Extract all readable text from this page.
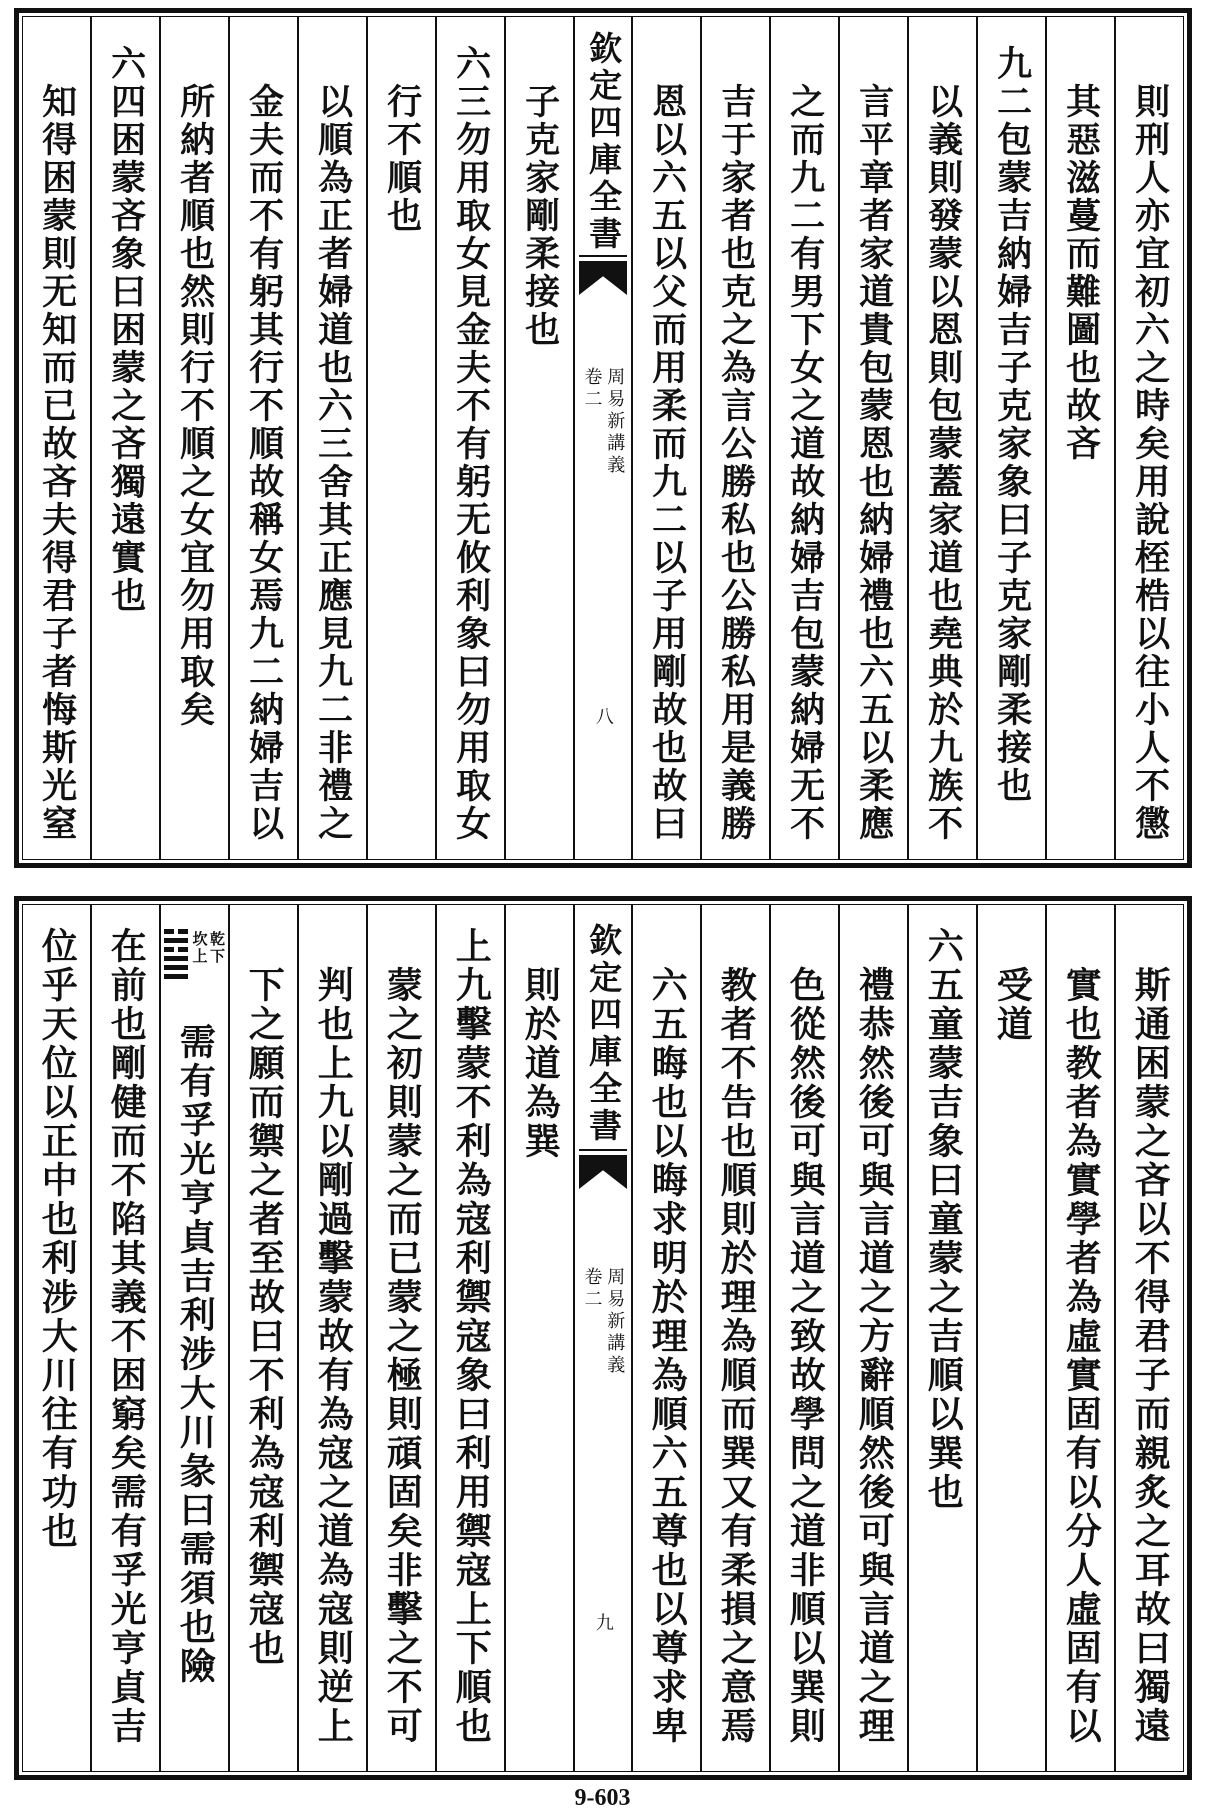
則刑人亦宜初六之時矣用說桎梏以往小人不懲
其惡滋蔓而難圖也故吝
九二包蒙吉納婦吉子克家象曰子克家剛柔接也
以義則發蒙以恩則包蒙蓋家道也堯典於九族不
言平章者家道貴包蒙恩也納婦禮也六五以柔應
之而九二有男下女之道故納婦吉包蒙納婦无不
吉于家者也克之為言公勝私也公勝私用是義勝
恩以六五以父而用柔而九二以子用剛故也故曰
欽定四庫全書
周易新講義
卷二
八
子克家剛柔接也
六三勿用取女見金夫不有躬无攸利象曰勿用取女
行不順也
以順為正者婦道也六三舍其正應見九二非禮之
金夫而不有躬其行不順故稱女焉九二納婦吉以
所納者順也然則行不順之女宜勿用取矣
六四困蒙吝象曰困蒙之吝獨遠實也
知得困蒙則无知而已故吝夫得君子者悔斯光窒
斯通困蒙之吝以不得君子而親炙之耳故曰獨遠
實也教者為實學者為虛實固有以分人虛固有以
受道
六五童蒙吉象曰童蒙之吉順以巽也
禮恭然後可與言道之方辭順然後可與言道之理
色從然後可與言道之致故學問之道非順以巽則
教者不告也順則於理為順而巽又有柔損之意焉
六五晦也以晦求明於理為順六五尊也以尊求卑
欽定四庫全書
周易新講義
卷二
九
則於道為巽
上九擊蒙不利為寇利禦寇象曰利用禦寇上下順也
蒙之初則蒙之而已蒙之極則頑固矣非擊之不可
判也上九以剛過擊蒙故有為寇之道為寇則逆上
下之願而禦之者至故曰不利為寇利禦寇也
乾下
坎上
需有孚光亨貞吉利涉大川彖曰需須也險
在前也剛健而不陷其義不困窮矣需有孚光亨貞吉
位乎天位以正中也利涉大川往有功也
9-603
